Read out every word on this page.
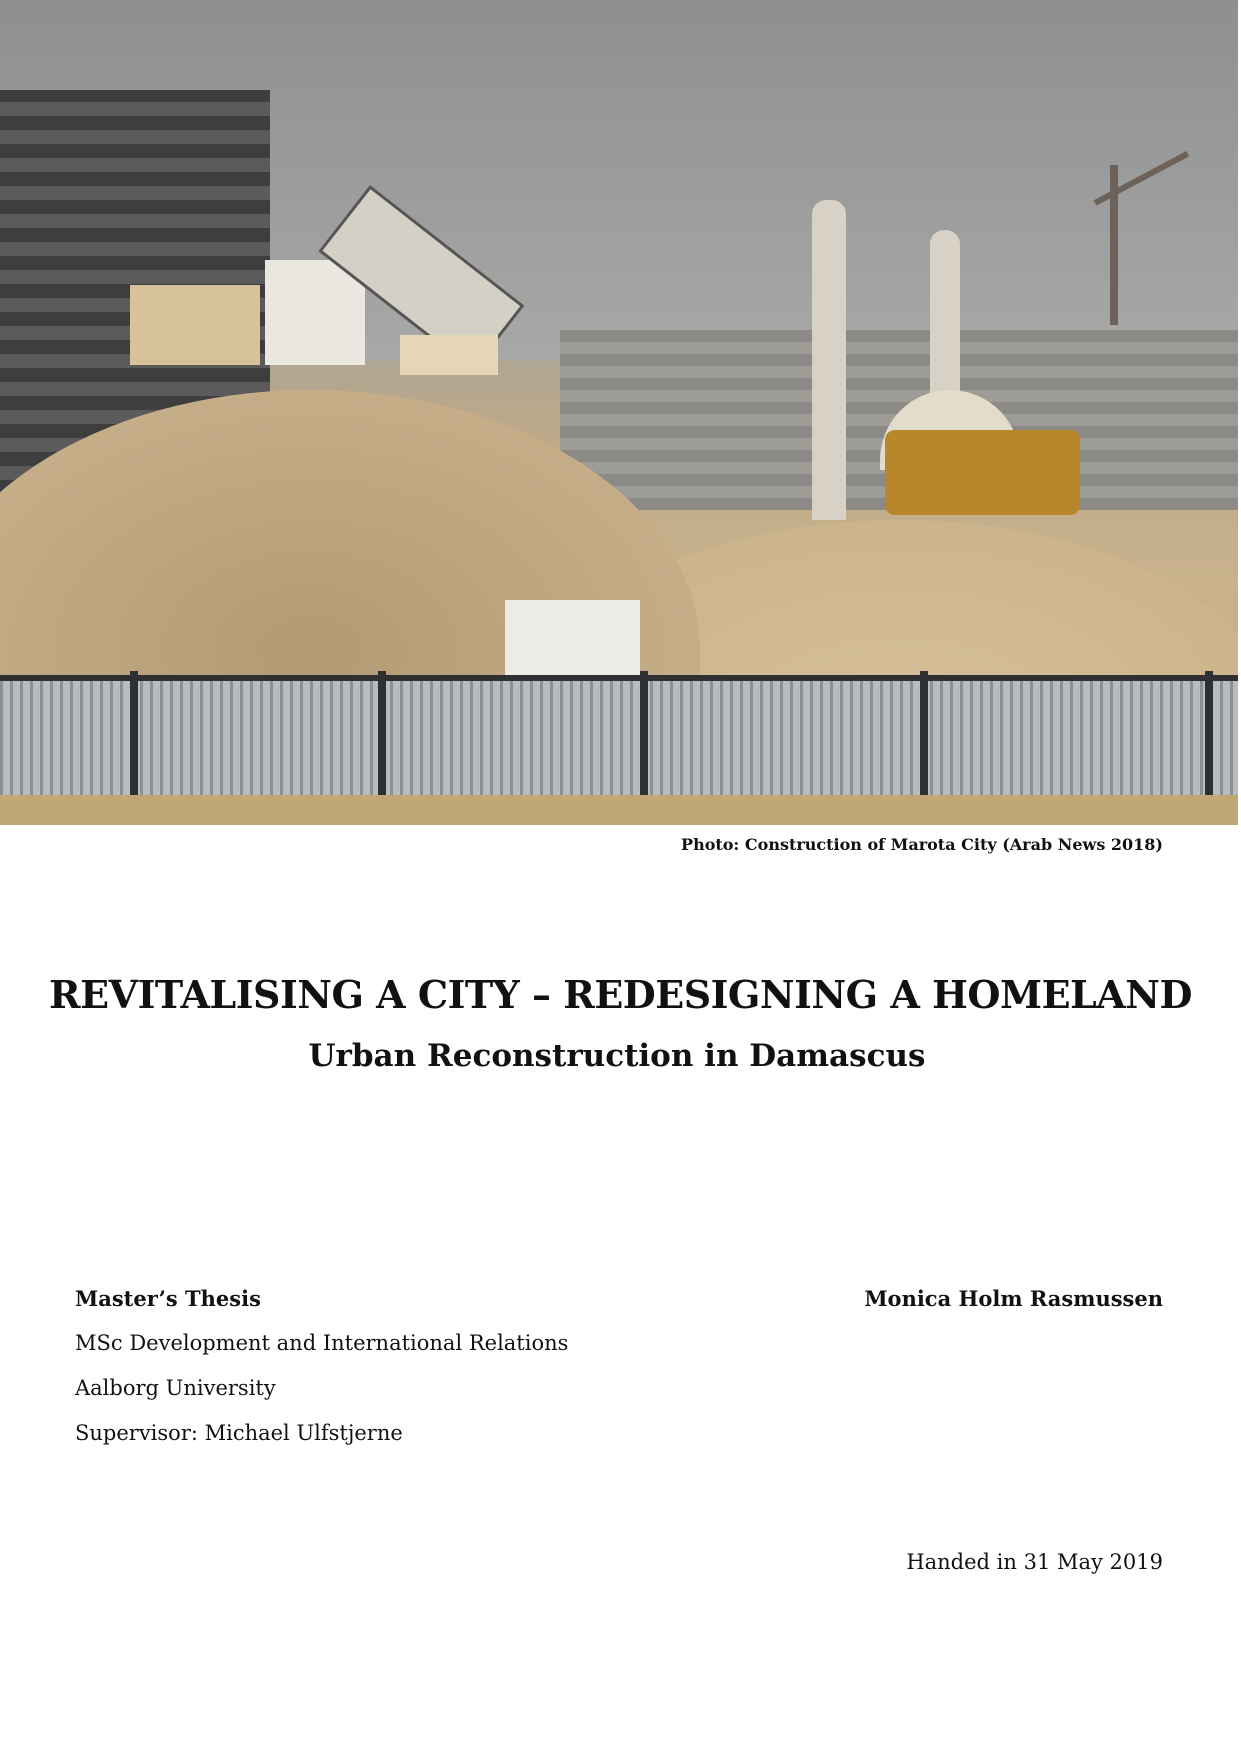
Photo: Construction of Marota City (Arab News 2018)
REVITALISING A CITY – REDESIGNING A HOMELAND
Urban Reconstruction in Damascus
Master’s Thesis
MSc Development and International Relations
Aalborg University
Supervisor: Michael Ulfstjerne
Monica Holm Rasmussen
Handed in 31 May 2019
